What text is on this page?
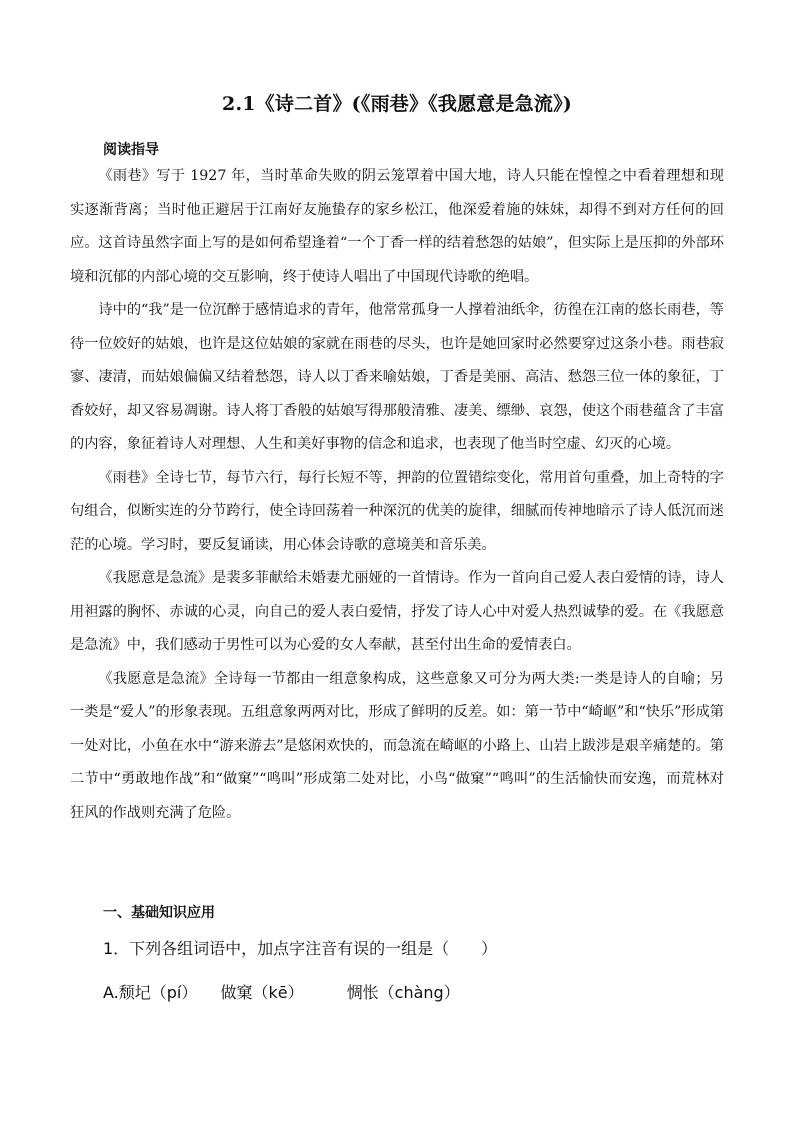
2.1《诗二首》(《雨巷》《我愿意是急流》)
阅读指导

《雨巷》写于 1927 年，当时革命失败的阴云笼罩着中国大地，诗人只能在惶惶之中看着理想和现实逐渐背离；当时他正避居于江南好友施蛰存的家乡松江，他深爱着施的妹妹，却得不到对方任何的回应。这首诗虽然字面上写的是如何希望逢着“一个丁香一样的结着愁怨的姑娘”，但实际上是压抑的外部环境和沉郁的内部心境的交互影响，终于使诗人唱出了中国现代诗歌的绝唱。

诗中的“我”是一位沉醉于感情追求的青年，他常常孤身一人撑着油纸伞，彷徨在江南的悠长雨巷，等待一位姣好的姑娘，也许是这位姑娘的家就在雨巷的尽头，也许是她回家时必然要穿过这条小巷。雨巷寂寥、凄清，而姑娘偏偏又结着愁怨，诗人以丁香来喻姑娘，丁香是美丽、高洁、愁怨三位一体的象征，丁香姣好，却又容易凋谢。诗人将丁香般的姑娘写得那般清雅、凄美、缥缈、哀怨，使这个雨巷蕴含了丰富的内容，象征着诗人对理想、人生和美好事物的信念和追求，也表现了他当时空虚、幻灭的心境。

《雨巷》全诗七节，每节六行，每行长短不等，押韵的位置错综变化，常用首句重叠，加上奇特的字句组合，似断实连的分节跨行，使全诗回荡着一种深沉的优美的旋律，细腻而传神地暗示了诗人低沉而迷茫的心境。学习时，要反复诵读，用心体会诗歌的意境美和音乐美。

《我愿意是急流》是裴多菲献给未婚妻尤丽娅的一首情诗。作为一首向自己爱人表白爱情的诗，诗人用袒露的胸怀、赤诚的心灵，向自己的爱人表白爱情，抒发了诗人心中对爱人热烈诚挚的爱。在《我愿意是急流》中，我们感动于男性可以为心爱的女人奉献，甚至付出生命的爱情表白。

《我愿意是急流》全诗每一节都由一组意象构成，这些意象又可分为两大类:一类是诗人的自喻；另一类是“爱人”的形象表现。五组意象两两对比，形成了鲜明的反差。如：第一节中“崎岖”和“快乐”形成第一处对比，小鱼在水中“游来游去”是悠闲欢快的，而急流在崎岖的小路上、山岩上跋涉是艰辛痛楚的。第二节中“勇敢地作战”和“做窠”“鸣叫”形成第二处对比，小鸟“做窠”“鸣叫”的生活愉快而安逸，而荒林对狂风的作战则充满了危险。

一、基础知识应用
1．下列各组词语中，加点字注音有误的一组是（　　）
A.颓圮（pí） 做窠（kē）	惆怅（chàng）
